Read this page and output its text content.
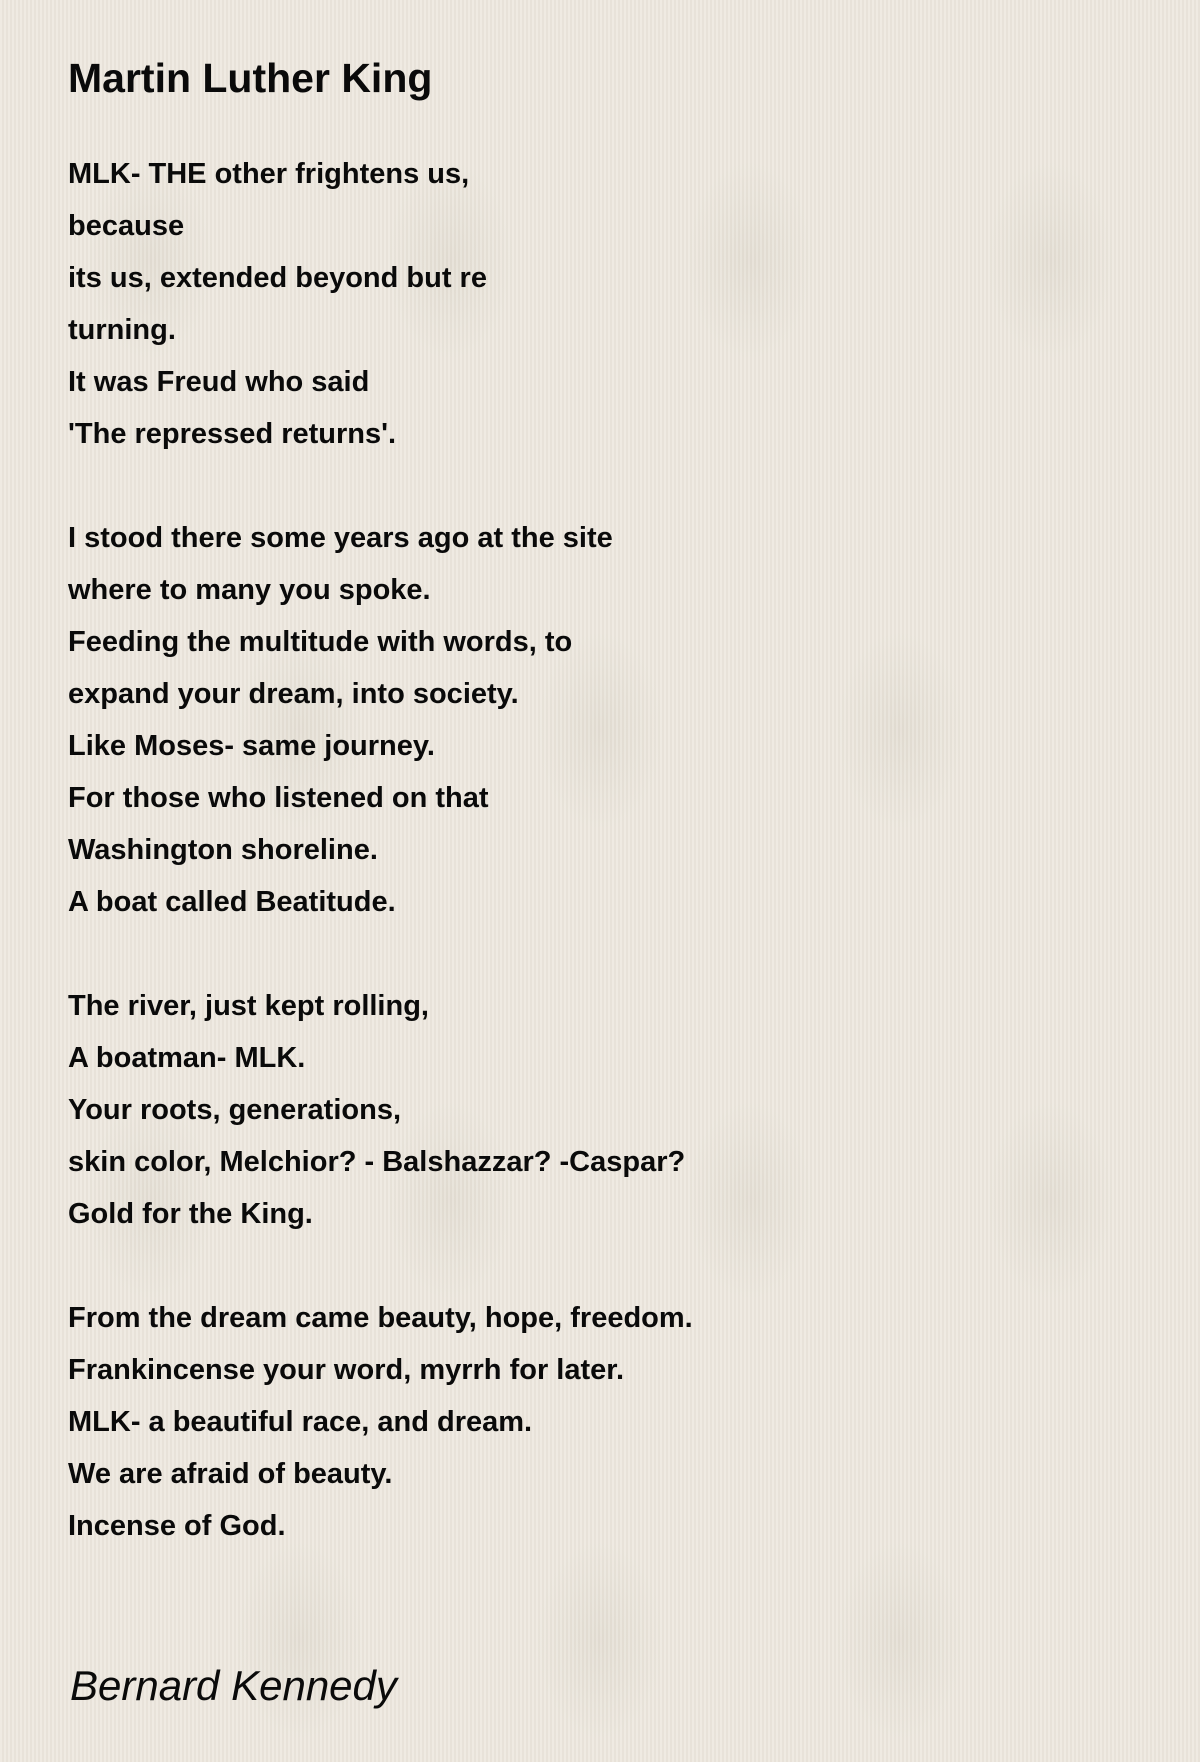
Martin Luther King
MLK- THE other frightens us,
because
its us, extended beyond but re
turning.
It was Freud who said
'The repressed returns'.
I stood there some years ago at the site
where to many you spoke.
Feeding the multitude with words, to
expand your dream, into society.
Like Moses- same journey.
For those who listened on that
Washington shoreline.
A boat called Beatitude.
The river, just kept rolling,
A boatman- MLK.
Your roots, generations,
skin color, Melchior? - Balshazzar? -Caspar?
Gold for the King.
From the dream came beauty, hope, freedom.
Frankincense your word, myrrh for later.
MLK- a beautiful race, and dream.
We are afraid of beauty.
Incense of God.
Bernard Kennedy
